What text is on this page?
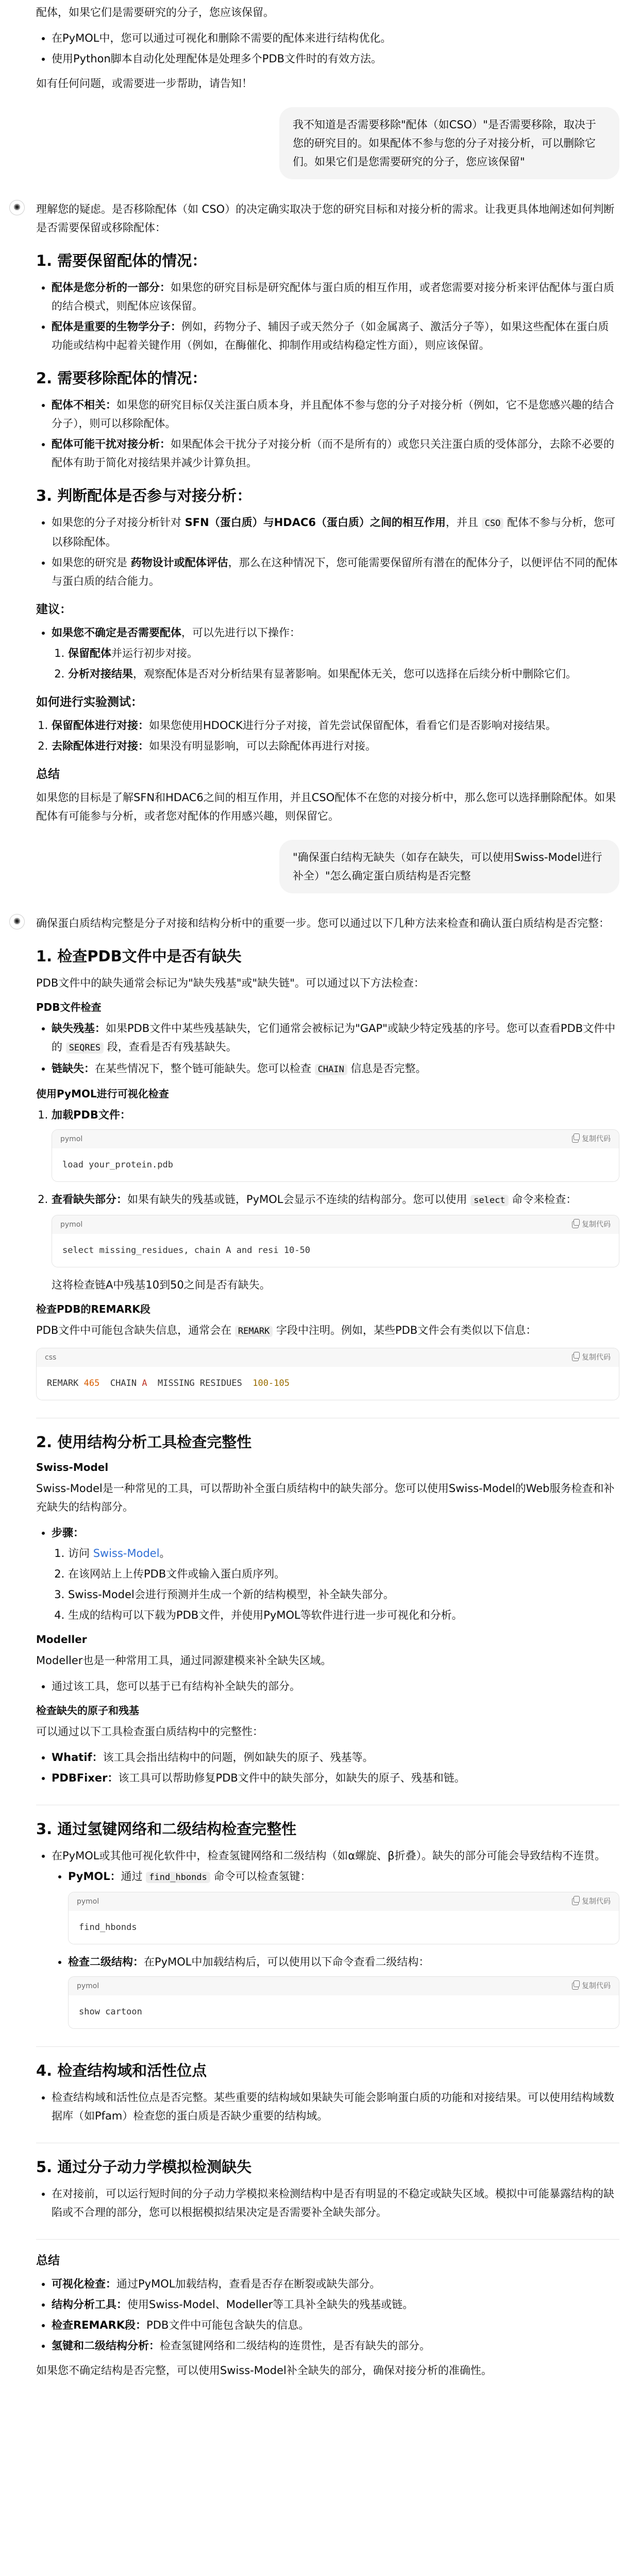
配体，如果它们是需要研究的分子，您应该保留。

• 在PyMOL中，您可以通过可视化和删除不需要的配体来进行结构优化。
• 使用Python脚本自动化处理配体是处理多个PDB文件时的有效方法。

如有任何问题，或需要进一步帮助，请告知！

我不知道是否需要移除"配体（如CSO）"是否需要移除，取决于您的研究目的。如果配体不参与您的分子对接分析，可以删除它们。如果它们是您需要研究的分子，您应该保留"
✺	理解您的疑虑。是否移除配体（如 CSO）的决定确实取决于您的研究目标和对接分析的需求。让我更具体地阐述如何判断是否需要保留或移除配体：

1. 需要保留配体的情况：
• 配体是您分析的一部分：如果您的研究目标是研究配体与蛋白质的相互作用，或者您需要对接分析来评估配体与蛋白质的结合模式，则配体应该保留。
• 配体是重要的生物学分子：例如，药物分子、辅因子或天然分子（如金属离子、激活分子等），如果这些配体在蛋白质功能或结构中起着关键作用（例如，在酶催化、抑制作用或结构稳定性方面），则应该保留。
2. 需要移除配体的情况：
• 配体不相关：如果您的研究目标仅关注蛋白质本身，并且配体不参与您的分子对接分析（例如，它不是您感兴趣的结合分子），则可以移除配体。
• 配体可能干扰对接分析：如果配体会干扰分子对接分析（而不是所有的）或您只关注蛋白质的受体部分，去除不必要的配体有助于简化对接结果并减少计算负担。
3. 判断配体是否参与对接分析：
• 如果您的分子对接分析针对 SFN（蛋白质）与HDAC6（蛋白质）之间的相互作用，并且 CSO 配体不参与分析，您可以移除配体。
• 如果您的研究是 药物设计或配体评估，那么在这种情况下，您可能需要保留所有潜在的配体分子，以便评估不同的配体与蛋白质的结合能力。
建议：
• 如果您不确定是否需要配体，可以先进行以下操作：
1. 保留配体并运行初步对接。
2. 分析对接结果，观察配体是否对分析结果有显著影响。如果配体无关，您可以选择在后续分析中删除它们。
如何进行实验测试：
1. 保留配体进行对接：如果您使用HDOCK进行分子对接，首先尝试保留配体，看看它们是否影响对接结果。
2. 去除配体进行对接：如果没有明显影响，可以去除配体再进行对接。
总结

如果您的目标是了解SFN和HDAC6之间的相互作用，并且CSO配体不在您的对接分析中，那么您可以选择删除配体。如果配体有可能参与分析，或者您对配体的作用感兴趣，则保留它。

"确保蛋白结构无缺失（如存在缺失，可以使用Swiss-Model进行补全）"怎么确定蛋白质结构是否完整
✺	确保蛋白质结构完整是分子对接和结构分析中的重要一步。您可以通过以下几种方法来检查和确认蛋白质结构是否完整：

1. 检查PDB文件中是否有缺失

PDB文件中的缺失通常会标记为"缺失残基"或"缺失链"。可以通过以下方法检查：

PDB文件检查
• 缺失残基：如果PDB文件中某些残基缺失，它们通常会被标记为"GAP"或缺少特定残基的序号。您可以查看PDB文件中的 SEQRES 段，查看是否有残基缺失。
• 链缺失：在某些情况下，整个链可能缺失。您可以检查 CHAIN 信息是否完整。
使用PyMOL进行可视化检查
1. 加载PDB文件：
pymol	复制代码
load your_protein.pdb
2. 查看缺失部分：如果有缺失的残基或链，PyMOL会显示不连续的结构部分。您可以使用 select 命令来检查：
pymol	复制代码
select missing_residues, chain A and resi 10-50
这将检查链A中残基10到50之间是否有缺失。
检查PDB的REMARK段

PDB文件中可能包含缺失信息，通常会在 REMARK 字段中注明。例如，某些PDB文件会有类似以下信息：

css	复制代码
REMARK 465 CHAIN A MISSING RESIDUES 100-105
2. 使用结构分析工具检查完整性
Swiss-Model

Swiss-Model是一种常见的工具，可以帮助补全蛋白质结构中的缺失部分。您可以使用Swiss-Model的Web服务检查和补充缺失的结构部分。

• 步骤：
1. 访问 Swiss-Model。
2. 在该网站上上传PDB文件或输入蛋白质序列。
3. Swiss-Model会进行预测并生成一个新的结构模型，补全缺失部分。
4. 生成的结构可以下载为PDB文件，并使用PyMOL等软件进行进一步可视化和分析。
Modeller

Modeller也是一种常用工具，通过同源建模来补全缺失区域。

• 通过该工具，您可以基于已有结构补全缺失的部分。
检查缺失的原子和残基

可以通过以下工具检查蛋白质结构中的完整性：

• Whatif：该工具会指出结构中的问题，例如缺失的原子、残基等。
• PDBFixer：该工具可以帮助修复PDB文件中的缺失部分，如缺失的原子、残基和链。
3. 通过氢键网络和二级结构检查完整性
• 在PyMOL或其他可视化软件中，检查氢键网络和二级结构（如α螺旋、β折叠）。缺失的部分可能会导致结构不连贯。
• PyMOL：通过 find_hbonds 命令可以检查氢键：
pymol	复制代码
find_hbonds
• 检查二级结构：在PyMOL中加载结构后，可以使用以下命令查看二级结构：
pymol	复制代码
show cartoon
4. 检查结构域和活性位点
• 检查结构域和活性位点是否完整。某些重要的结构域如果缺失可能会影响蛋白质的功能和对接结果。可以使用结构域数据库（如Pfam）检查您的蛋白质是否缺少重要的结构域。
5. 通过分子动力学模拟检测缺失
• 在对接前，可以运行短时间的分子动力学模拟来检测结构中是否有明显的不稳定或缺失区域。模拟中可能暴露结构的缺陷或不合理的部分，您可以根据模拟结果决定是否需要补全缺失部分。
总结
• 可视化检查：通过PyMOL加载结构，查看是否存在断裂或缺失部分。
• 结构分析工具：使用Swiss-Model、Modeller等工具补全缺失的残基或链。
• 检查REMARK段：PDB文件中可能包含缺失的信息。
• 氢键和二级结构分析：检查氢键网络和二级结构的连贯性，是否有缺失的部分。

如果您不确定结构是否完整，可以使用Swiss-Model补全缺失的部分，确保对接分析的准确性。
